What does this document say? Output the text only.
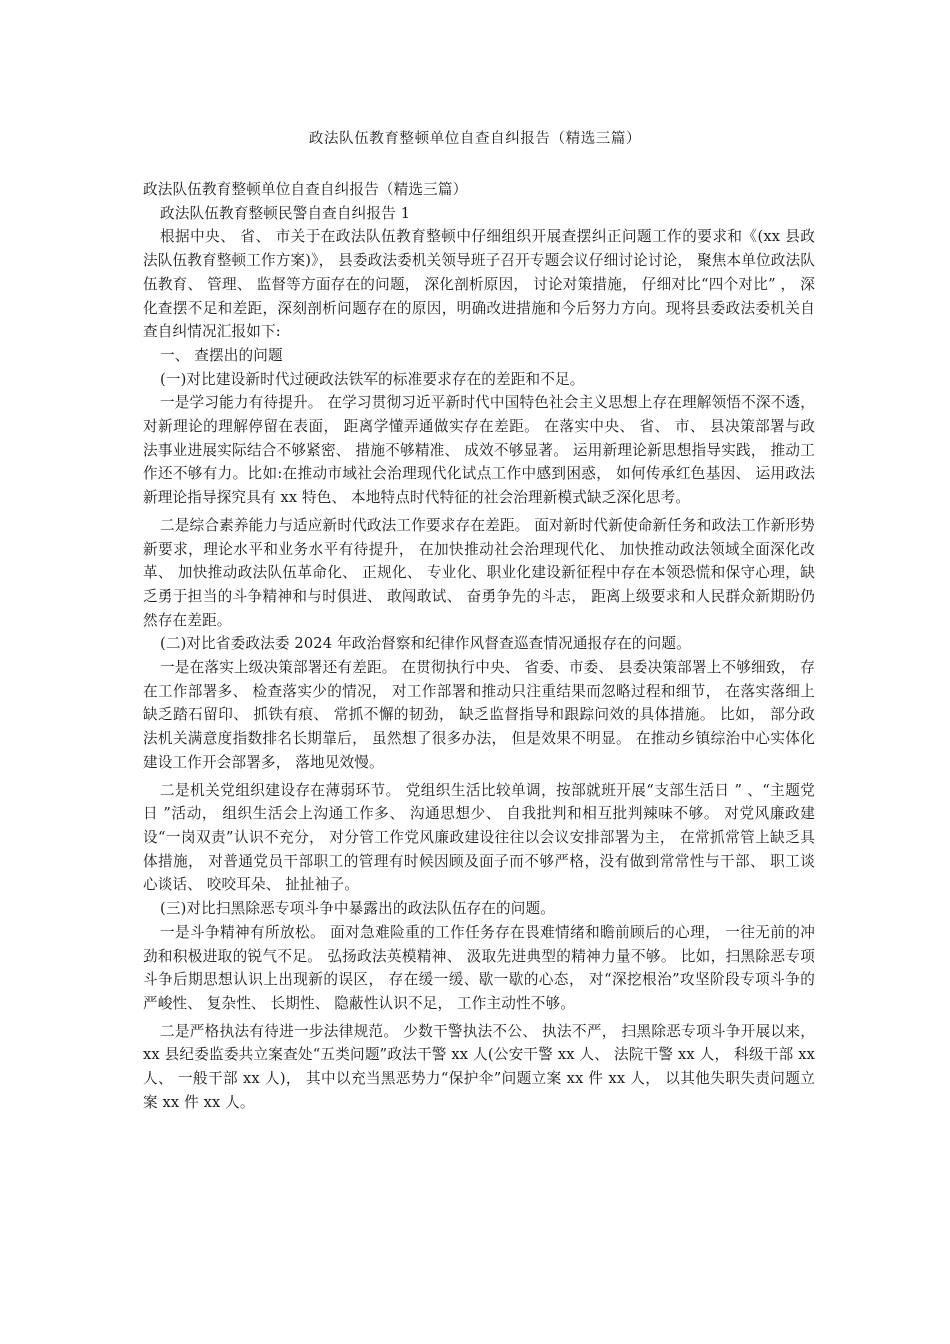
政法队伍教育整顿单位自查自纠报告（精选三篇）

政法队伍教育整顿单位自查自纠报告（精选三篇）

政法队伍教育整顿民警自查自纠报告 1

根据中央、 省、 市关于在政法队伍教育整顿中仔细组织开展查摆纠正问题工作的要求和《(xx 县政法队伍教育整顿工作方案)》， 县委政法委机关领导班子召开专题会议仔细讨论讨论， 聚焦本单位政法队伍教育、 管理、 监督等方面存在的问题， 深化剖析原因， 讨论对策措施， 仔细对比“四个对比” ， 深化查摆不足和差距，深刻剖析问题存在的原因，明确改进措施和今后努力方向。现将县委政法委机关自查自纠情况汇报如下:

一、 查摆出的问题

(一)对比建设新时代过硬政法铁军的标准要求存在的差距和不足。

一是学习能力有待提升。 在学习贯彻习近平新时代中国特色社会主义思想上存在理解领悟不深不透，对新理论的理解停留在表面， 距离学懂弄通做实存在差距。 在落实中央、 省、 市、 县决策部署与政法事业进展实际结合不够紧密、 措施不够精准、 成效不够显著。 运用新理论新思想指导实践， 推动工作还不够有力。比如:在推动市域社会治理现代化试点工作中感到困惑， 如何传承红色基因、 运用政法新理论指导探究具有 xx 特色、 本地特点时代特征的社会治理新模式缺乏深化思考。

二是综合素养能力与适应新时代政法工作要求存在差距。 面对新时代新使命新任务和政法工作新形势新要求，理论水平和业务水平有待提升， 在加快推动社会治理现代化、 加快推动政法领域全面深化改革、 加快推动政法队伍革命化、 正规化、 专业化、职业化建设新征程中存在本领恐慌和保守心理，缺乏勇于担当的斗争精神和与时俱进、 敢闯敢试、 奋勇争先的斗志， 距离上级要求和人民群众新期盼仍然存在差距。

(二)对比省委政法委 2024 年政治督察和纪律作风督查巡查情况通报存在的问题。

一是在落实上级决策部署还有差距。 在贯彻执行中央、 省委、市委、 县委决策部署上不够细致， 存在工作部署多、 检查落实少的情况， 对工作部署和推动只注重结果而忽略过程和细节， 在落实落细上缺乏踏石留印、 抓铁有痕、 常抓不懈的韧劲， 缺乏监督指导和跟踪问效的具体措施。 比如， 部分政法机关满意度指数排名长期靠后， 虽然想了很多办法， 但是效果不明显。 在推动乡镇综治中心实体化建设工作开会部署多， 落地见效慢。

二是机关党组织建设存在薄弱环节。 党组织生活比较单调，按部就班开展“支部生活日 ” 、“主题党日 ”活动， 组织生活会上沟通工作多、 沟通思想少、 自我批判和相互批判辣味不够。 对党风廉政建设“一岗双责”认识不充分， 对分管工作党风廉政建设往往以会议安排部署为主， 在常抓常管上缺乏具体措施， 对普通党员干部职工的管理有时候因顾及面子而不够严格，没有做到常常性与干部、 职工谈心谈话、 咬咬耳朵、 扯扯袖子。

(三)对比扫黑除恶专项斗争中暴露出的政法队伍存在的问题。

一是斗争精神有所放松。 面对急难险重的工作任务存在畏难情绪和瞻前顾后的心理， 一往无前的冲劲和积极进取的锐气不足。 弘扬政法英模精神、 汲取先进典型的精神力量不够。 比如，扫黑除恶专项斗争后期思想认识上出现新的误区， 存在缓一缓、歇一歇的心态， 对“深挖根治”攻坚阶段专项斗争的严峻性、 复杂性、 长期性、 隐蔽性认识不足， 工作主动性不够。

二是严格执法有待进一步法律规范。 少数干警执法不公、 执法不严， 扫黑除恶专项斗争开展以来， xx 县纪委监委共立案查处“五类问题”政法干警 xx 人(公安干警 xx 人、 法院干警 xx 人， 科级干部 xx 人、 一般干部 xx 人)， 其中以充当黑恶势力“保护伞”问题立案 xx 件 xx 人， 以其他失职失责问题立案 xx 件 xx 人。
